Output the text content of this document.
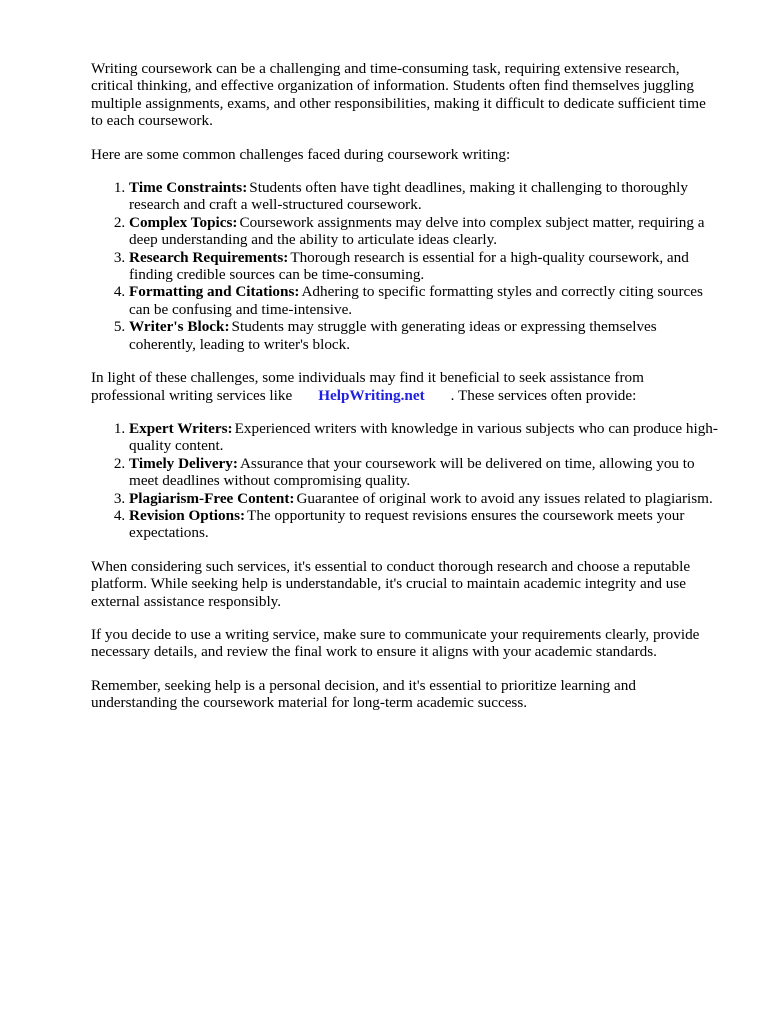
Writing coursework can be a challenging and time-consuming task, requiring extensive research, critical thinking, and effective organization of information. Students often find themselves juggling multiple assignments, exams, and other responsibilities, making it difficult to dedicate sufficient time to each coursework.

Here are some common challenges faced during coursework writing:

1. Time Constraints: Students often have tight deadlines, making it challenging to thoroughly research and craft a well-structured coursework.
2. Complex Topics: Coursework assignments may delve into complex subject matter, requiring a deep understanding and the ability to articulate ideas clearly.
3. Research Requirements: Thorough research is essential for a high-quality coursework, and finding credible sources can be time-consuming.
4. Formatting and Citations: Adhering to specific formatting styles and correctly citing sources can be confusing and time-intensive.
5. Writer's Block: Students may struggle with generating ideas or expressing themselves coherently, leading to writer's block.

In light of these challenges, some individuals may find it beneficial to seek assistance from professional writing services like HelpWriting.net . These services often provide:

1. Expert Writers: Experienced writers with knowledge in various subjects who can produce high-quality content.
2. Timely Delivery: Assurance that your coursework will be delivered on time, allowing you to meet deadlines without compromising quality.
3. Plagiarism-Free Content: Guarantee of original work to avoid any issues related to plagiarism.
4. Revision Options: The opportunity to request revisions ensures the coursework meets your expectations.

When considering such services, it's essential to conduct thorough research and choose a reputable platform. While seeking help is understandable, it's crucial to maintain academic integrity and use external assistance responsibly.

If you decide to use a writing service, make sure to communicate your requirements clearly, provide necessary details, and review the final work to ensure it aligns with your academic standards.

Remember, seeking help is a personal decision, and it's essential to prioritize learning and understanding the coursework material for long-term academic success.
